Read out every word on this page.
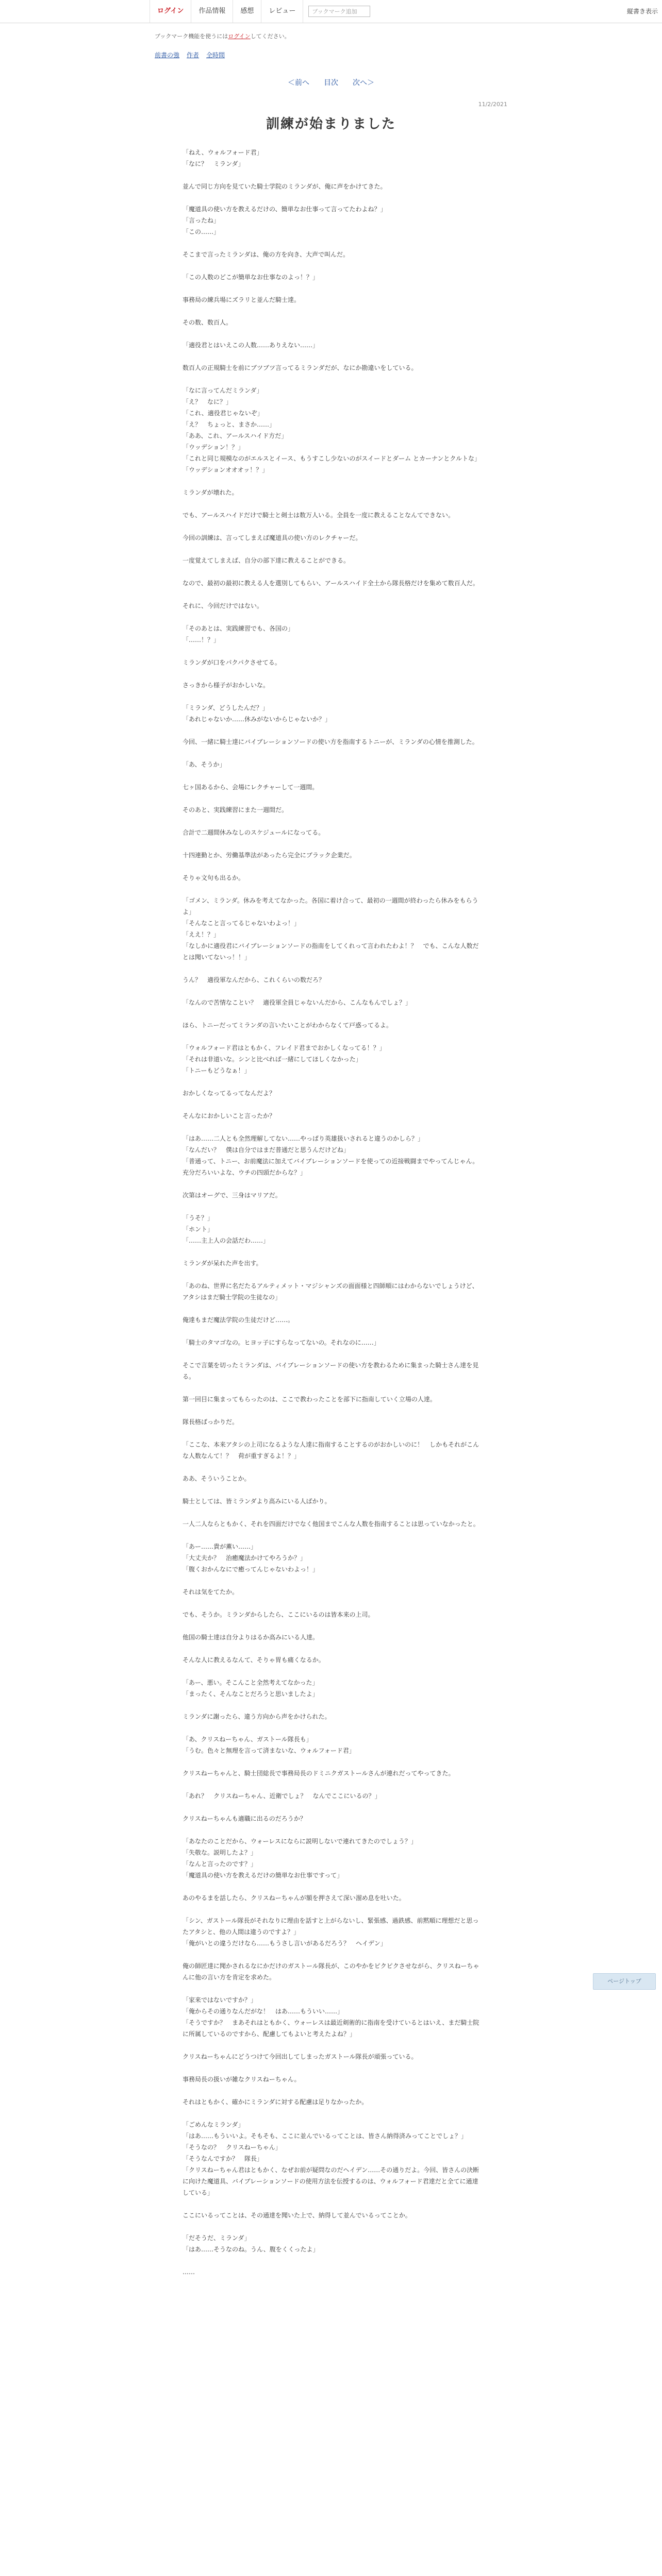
ログイン	作品情報	感想	レビュー	ブックマーク追加	縦書き表示
ブックマーク機能を使うにはログインしてください。
前書の強 作者 全時間
＜前へ 目次 次へ＞
11/2/2021
訓練が始まりました

「ねえ、ウォルフォード君」

「なに？　ミランダ」

並んで同じ方向を見ていた騎士学院のミランダが、俺に声をかけてきた。

「魔道具の使い方を教えるだけの、簡単なお仕事って言ってたわよね？」

「言ったね」

「この……」

そこまで言ったミランダは、俺の方を向き、大声で叫んだ。

「この人数のどこが簡単なお仕事なのよっ！？」

事務局の練兵場にズラリと並んだ騎士達。

その数、数百人。

「適役君とはいえこの人数……ありえない……」

数百人の正規騎士を前にブツブツ言ってるミランダだが、なにか勘違いをしている。

「なに言ってんだミランダ」

「え？　なに？」

「これ、適役君じゃないぞ」

「え？　ちょっと、まさか……」

「ああ、これ、アールスハイド方だ」

「ウッデション！？」

「これと同じ規模なのがエルスとイース、もうすこし少ないのがスイードとダーム とカーナンとクルトな」

「ウッデションオオオッ！？」

ミランダが壊れた。

でも、アールスハイドだけで騎士と剣士は数万人いる。全員を一度に教えることなんてできない。

今回の訓練は、言ってしまえば魔道具の使い方のレクチャーだ。

一度覚えてしまえば、自分の部下達に教えることができる。

なので、最初の最初に教える人を選別してもらい、アールスハイド全土から隊長格だけを集めて数百人だ。

それに、今回だけではない。

「そのあとは、実践練習でも、各国の」

「……！？」

ミランダが口をパクパクさせてる。

さっきから様子がおかしいな。

「ミランダ、どうしたんだ？」

「あれじゃないか……休みがないからじゃないか？」

今回、一緒に騎士達にバイブレーションソードの使い方を指南するトニーが、ミランダの心情を推測した。

「あ、そうか」

七ヶ国あるから、会場にレクチャーして一週間。

そのあと、実践練習にまた一週間だ。

合計で二週間休みなしのスケジュールになってる。

十四連勤とか、労働基準法があったら完全にブラック企業だ。

そりゃ文句も出るか。

「ゴメン、ミランダ。休みを考えてなかった。各国に着け合って、最初の一週間が終わったら休みをもらうよ」

「そんなこと言ってるじゃないわよっ！」

「ええ！？」

「なしかに適役君にバイブレーションソードの指南をしてくれって言われたわよ！？　でも、こんな人数だとは聞いてないっ！！」

うん？　適役軍なんだから、これくらいの数だろ？

「なんので苦情なことい？　適役軍全員じゃないんだから、こんなもんでしょ？」

ほら、トニーだってミランダの言いたいことがわからなくて戸惑ってるよ。

「ウォルフォード君はともかく、フレイド君までおかしくなってる！？」

「それは非道いな。シンと比べれば一緒にしてほしくなかった」

「トニーもどうなぁ！」

おかしくなってるってなんだよ？

そんなにおかしいこと言ったか？

「はあ……二人とも全然理解してない……やっぱり英雄扱いされると違うのかしら？」

「なんだい？　僕は自分ではまだ普通だと思うんだけどね」

「普通って、トニー、お前魔法に加えてバイブレーションソードを使っての近接戦闘までやってんじゃん。充分だろいいよな、ウチの四頭だからな？」

次第はオーグで、三身はマリアだ。

「うそ？」

「ホント」

「……主上人の会話だわ……」

ミランダが呆れた声を出す。

「あのね、世界に名だたるアルティメット・マジシャンズの面面様と四師順にはわからないでしょうけど、アタシはまだ騎士学院の生徒なの」

俺達もまだ魔法学院の生徒だけど……。

「騎士のタマゴなの。ヒヨッ子にすらなってないの。それなのに……」

そこで言葉を切ったミランダは、バイブレーションソードの使い方を教わるために集まった騎士さん達を見る。

第一回目に集まってもらったのは、ここで教わったことを部下に指南していく立場の人達。

隊長格ばっかりだ。

「ここな、本来アタシの上司になるような人達に指南することするのがおかしいのに！　しかもそれがこんな人数なんて！？　荷が重すぎるよ！？」

ああ、そういうことか。

騎士としては、皆ミランダより高みにいる人ばかり。

一人二人ならともかく、それを四面だけでなく他国までこんな人数を指南することは思っていなかったと。

「あー……貴が薫い……」

「大丈夫か？　治癒魔法かけてやろうか？」

「腹くおかんなにで癒ってんじゃないわよっ！」

それは気をてたか。

でも、そうか。ミランダからしたら、ここにいるのは皆本来の上司。

他国の騎士達は自分よりはるか高みにいる人達。

そんな人に教えるなんて、そりゃ胃も痛くなるか。

「あー、悪い。そこんこと全然考えてなかった」

「まったく、そんなことだろうと思いましたよ」

ミランダに謝ったら、違う方向から声をかけられた。

「あ、クリスねーちゃん、ガストール隊長も」

「うむ。色々と無理を言って済まないな、ウォルフォード君」

クリスねーちゃんと、騎士団総長で事務局長のドミニクガストールさんが連れだってやってきた。

「あれ？　クリスねーちゃん、近衛でしょ？　なんでここにいるの？」

クリスねーちゃんも適職に出るのだろうか？

「あなたのことだから、ウォーレスにならに説明しないで連れてきたのでしょう？」

「失敬な。説明したよ？」

「なんと言ったのです？」

「魔道具の使い方を教えるだけの簡単なお仕事ですって」

あのやるまを話したら、クリスねーちゃんが額を押さえて深い溜め息を吐いた。

「シン、ガストール隊長がそれなりに理由を話すと上がらないし、緊張感、過鉄感、前黙順に理想だと思ったアタシと、他の人間は違うのですよ？」

「俺がいとの違うだけなら……もうさし言いがあるだろう？　ヘイデン」

俺の師匠達に聞かされるなにかだけのガストール隊長が、このやかをピクピクさせながら、クリスねーちゃんに他の言い方を肯定を求めた。

「家来ではないですか？」

「俺からその通りなんだがな！　はあ……もういい……」

「そうですか？　まあそれはともかく、ウォーレスは最近剣術的に指南を受けているとはいえ、まだ騎士院に所属しているのですから、配慮してもよいと考えたよね？」

クリスねーちゃんにどうつけて今回出してしまったガストール隊長が頑張っている。

事務局長の扱いが雑なクリスねーちゃん。

それはともかく、確かにミランダに対する配慮は足りなかったか。

「ごめんなミランダ」

「はあ……もういいよ。そもそも、ここに並んでいるってことは、皆さん納得済みってことでしょ？」

「そうなの？　クリスねーちゃん」

「そうなんですか？　隊長」

「クリスねーちゃん君はともかく、なぜお前が疑問なのだヘイデン……その通りだよ。今回、皆さんの決断に向けた魔道具、バイブレーションソードの使用方法を伝授するのは、ウォルフォード君達だと全てに通達している」

ここにいるってことは、その通達を聞いた上で、納得して並んでいるってことか。

「だそうだ、ミランダ」

「はあ……そうなのね。うん、腹をくくったよ」

……

ページトップ
